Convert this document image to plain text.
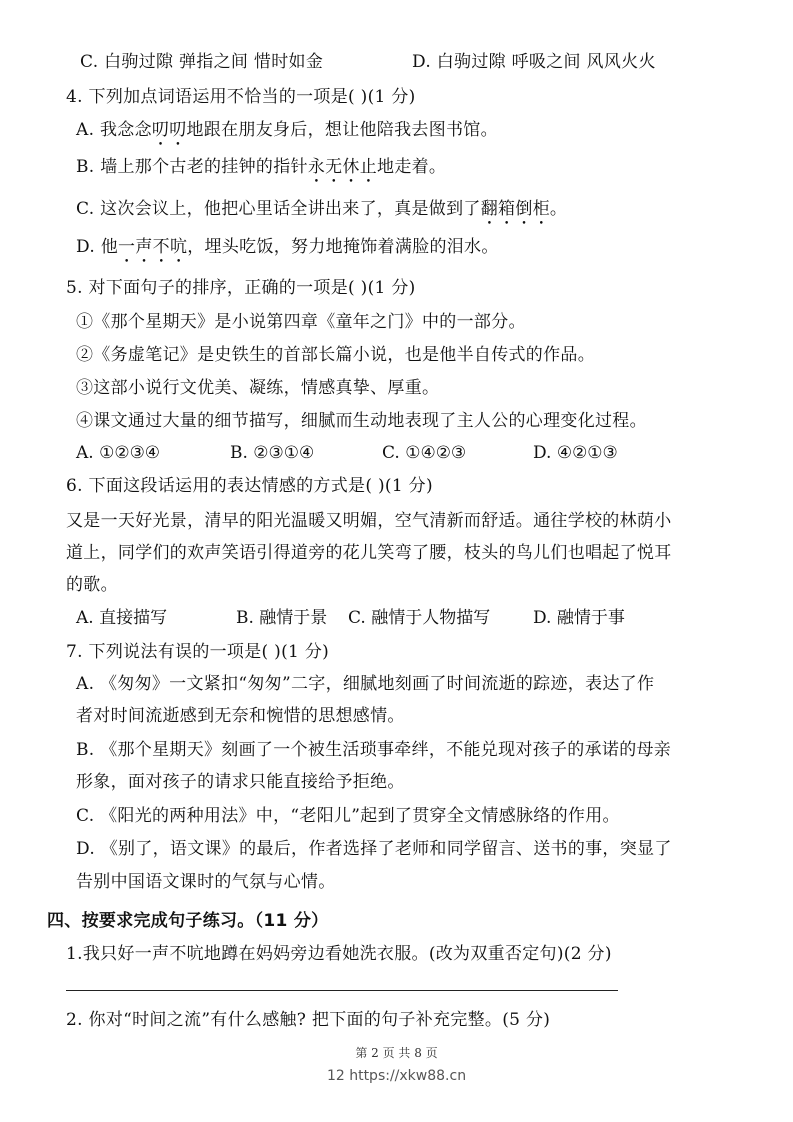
C. 白驹过隙 弹指之间 惜时如金	D. 白驹过隙 呼吸之间 风风火火
4. 下列加点词语运用不恰当的一项是( )(1 分)
A. 我念念叨叨地跟在朋友身后，想让他陪我去图书馆。
B. 墙上那个古老的挂钟的指针永无休止地走着。
C. 这次会议上，他把心里话全讲出来了，真是做到了翻箱倒柜。
D. 他一声不吭，埋头吃饭，努力地掩饰着满脸的泪水。
5. 对下面句子的排序，正确的一项是( )(1 分)
①《那个星期天》是小说第四章《童年之门》中的一部分。
②《务虚笔记》是史铁生的首部长篇小说，也是他半自传式的作品。
③这部小说行文优美、凝练，情感真挚、厚重。
④课文通过大量的细节描写，细腻而生动地表现了主人公的心理变化过程。
A. ①②③④	B. ②③①④	C. ①④②③	D. ④②①③
6. 下面这段话运用的表达情感的方式是( )(1 分)
又是一天好光景，清早的阳光温暖又明媚，空气清新而舒适。通往学校的林荫小
道上，同学们的欢声笑语引得道旁的花儿笑弯了腰，枝头的鸟儿们也唱起了悦耳
的歌。
A. 直接描写	B. 融情于景 C. 融情于人物描写	D. 融情于事
7. 下列说法有误的一项是( )(1 分)
A. 《匆匆》一文紧扣“匆匆”二字，细腻地刻画了时间流逝的踪迹，表达了作
者对时间流逝感到无奈和惋惜的思想感情。
B. 《那个星期天》刻画了一个被生活琐事牵绊，不能兑现对孩子的承诺的母亲
形象，面对孩子的请求只能直接给予拒绝。
C. 《阳光的两种用法》中，“老阳儿”起到了贯穿全文情感脉络的作用。
D. 《别了，语文课》的最后，作者选择了老师和同学留言、送书的事，突显了
告别中国语文课时的气氛与心情。
四、按要求完成句子练习。（11 分）
1.我只好一声不吭地蹲在妈妈旁边看她洗衣服。(改为双重否定句)(2 分)
2. 你对“时间之流”有什么感触? 把下面的句子补充完整。(5 分)
第 2 页 共 8 页
12 https://xkw88.cn
